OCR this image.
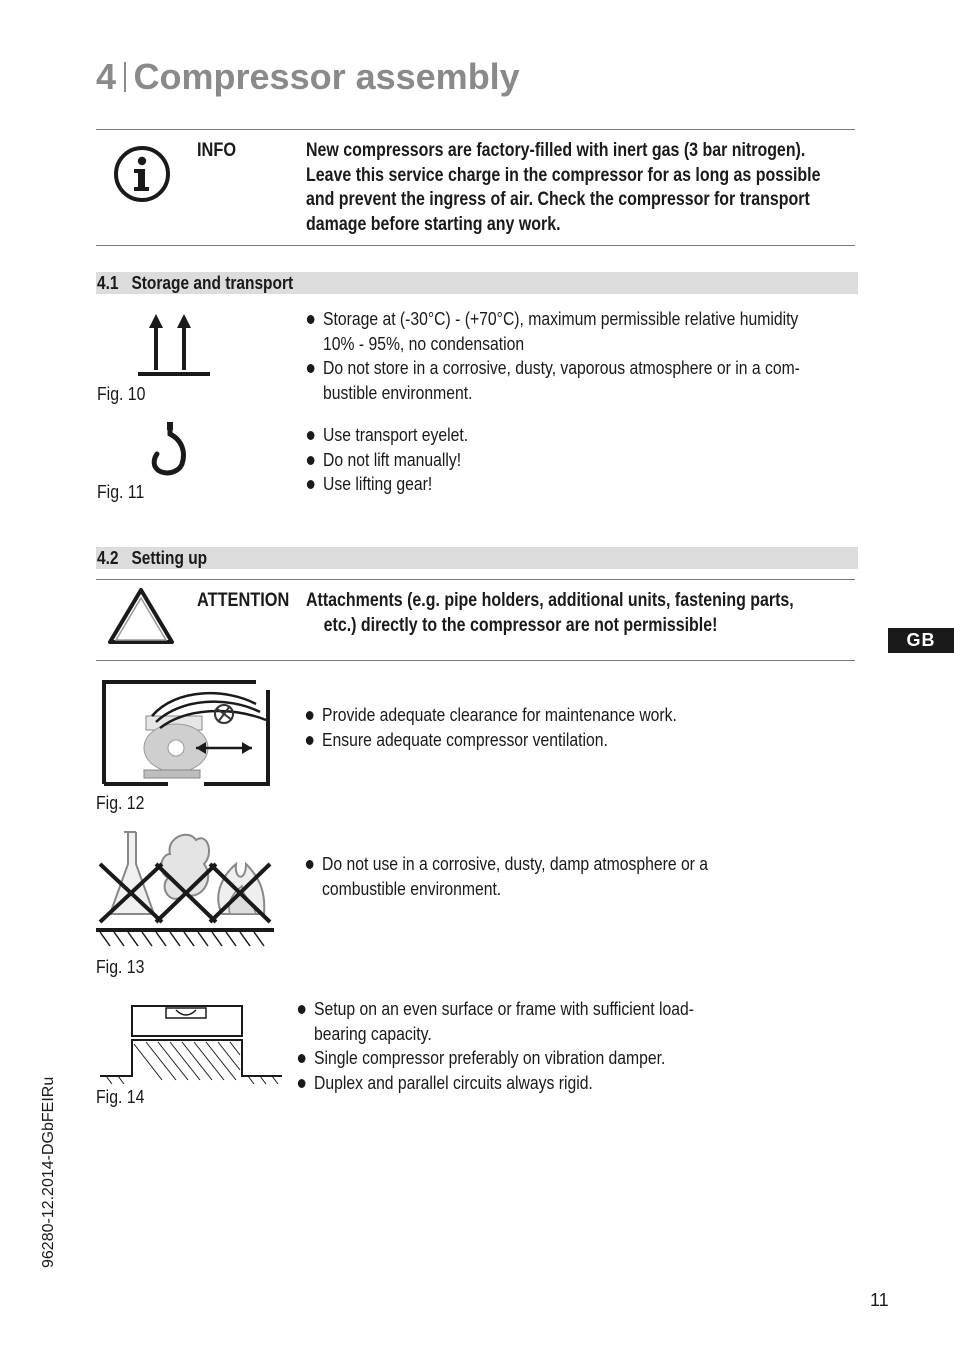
4 Compressor assembly
INFO	New compressors are factory-filled with inert gas (3 bar nitrogen).
Leave this service charge in the compressor for as long as possible
and prevent the ingress of air. Check the compressor for transport
damage before starting any work.
4.1 Storage and transport
Fig. 10
Storage at (-30°C) - (+70°C), maximum permissible relative humidity
10% - 95%, no condensation
Do not store in a corrosive, dusty, vaporous atmosphere or in a com-
bustible environment.
Fig. 11
Use transport eyelet.
Do not lift manually!
Use lifting gear!
4.2 Setting up
ATTENTION Attachments (e.g. pipe holders, additional units, fastening parts,
etc.) directly to the compressor are not permissible!
GB
Fig. 12
Provide adequate clearance for maintenance work.
Ensure adequate compressor ventilation.
Fig. 13
Do not use in a corrosive, dusty, damp atmosphere or a
combustible environment.
Fig. 14
Setup on an even surface or frame with sufficient load-
bearing capacity.
Single compressor preferably on vibration damper.
Duplex and parallel circuits always rigid.
96280-12.2014-DGbFEIRu
11
